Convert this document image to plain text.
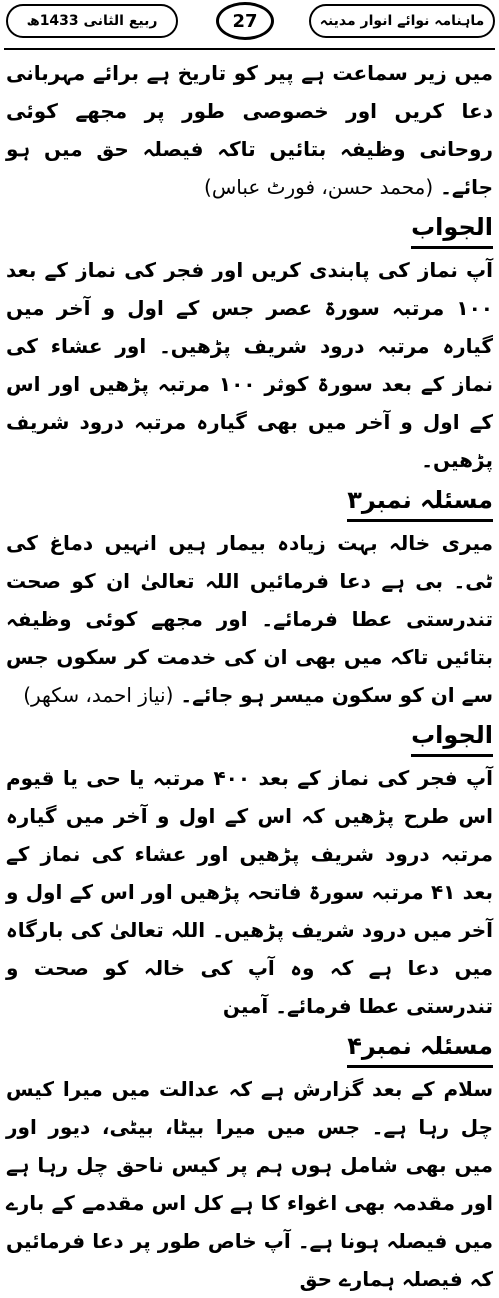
ربیع الثانی 1433ھ	27	ماہنامہ نوائے انوار مدینہ

میں زیر سماعت ہے پیر کو تاریخ ہے برائے مہربانی دعا کریں اور خصوصی طور پر مجھے کوئی روحانی وظیفہ بتائیں تاکہ فیصلہ حق میں ہو جائے۔ (محمد حسن، فورٹ عباس)

الجواب

آپ نماز کی پابندی کریں اور فجر کی نماز کے بعد ۱۰۰ مرتبہ سورۃ عصر جس کے اول و آخر میں گیارہ مرتبہ درود شریف پڑھیں۔ اور عشاء کی نماز کے بعد سورۃ کوثر ۱۰۰ مرتبہ پڑھیں اور اس کے اول و آخر میں بھی گیارہ مرتبہ درود شریف پڑھیں۔

مسئلہ نمبر۳

میری خالہ بہت زیادہ بیمار ہیں انہیں دماغ کی ٹی۔ بی ہے دعا فرمائیں اللہ تعالیٰ ان کو صحت تندرستی عطا فرمائے۔ اور مجھے کوئی وظیفہ بتائیں تاکہ میں بھی ان کی خدمت کر سکوں جس سے ان کو سکون میسر ہو جائے۔ (نیاز احمد، سکھر)

الجواب

آپ فجر کی نماز کے بعد ۴۰۰ مرتبہ یا حی یا قیوم اس طرح پڑھیں کہ اس کے اول و آخر میں گیارہ مرتبہ درود شریف پڑھیں اور عشاء کی نماز کے بعد ۴۱ مرتبہ سورۃ فاتحہ پڑھیں اور اس کے اول و آخر میں درود شریف پڑھیں۔ اللہ تعالیٰ کی بارگاہ میں دعا ہے کہ وہ آپ کی خالہ کو صحت و تندرستی عطا فرمائے۔ آمین

مسئلہ نمبر۴

سلام کے بعد گزارش ہے کہ عدالت میں میرا کیس چل رہا ہے۔ جس میں میرا بیٹا، بیٹی، دیور اور میں بھی شامل ہوں ہم پر کیس ناحق چل رہا ہے اور مقدمہ بھی اغواء کا ہے کل اس مقدمے کے بارے میں فیصلہ ہونا ہے۔ آپ خاص طور پر دعا فرمائیں کہ فیصلہ ہمارے حق
